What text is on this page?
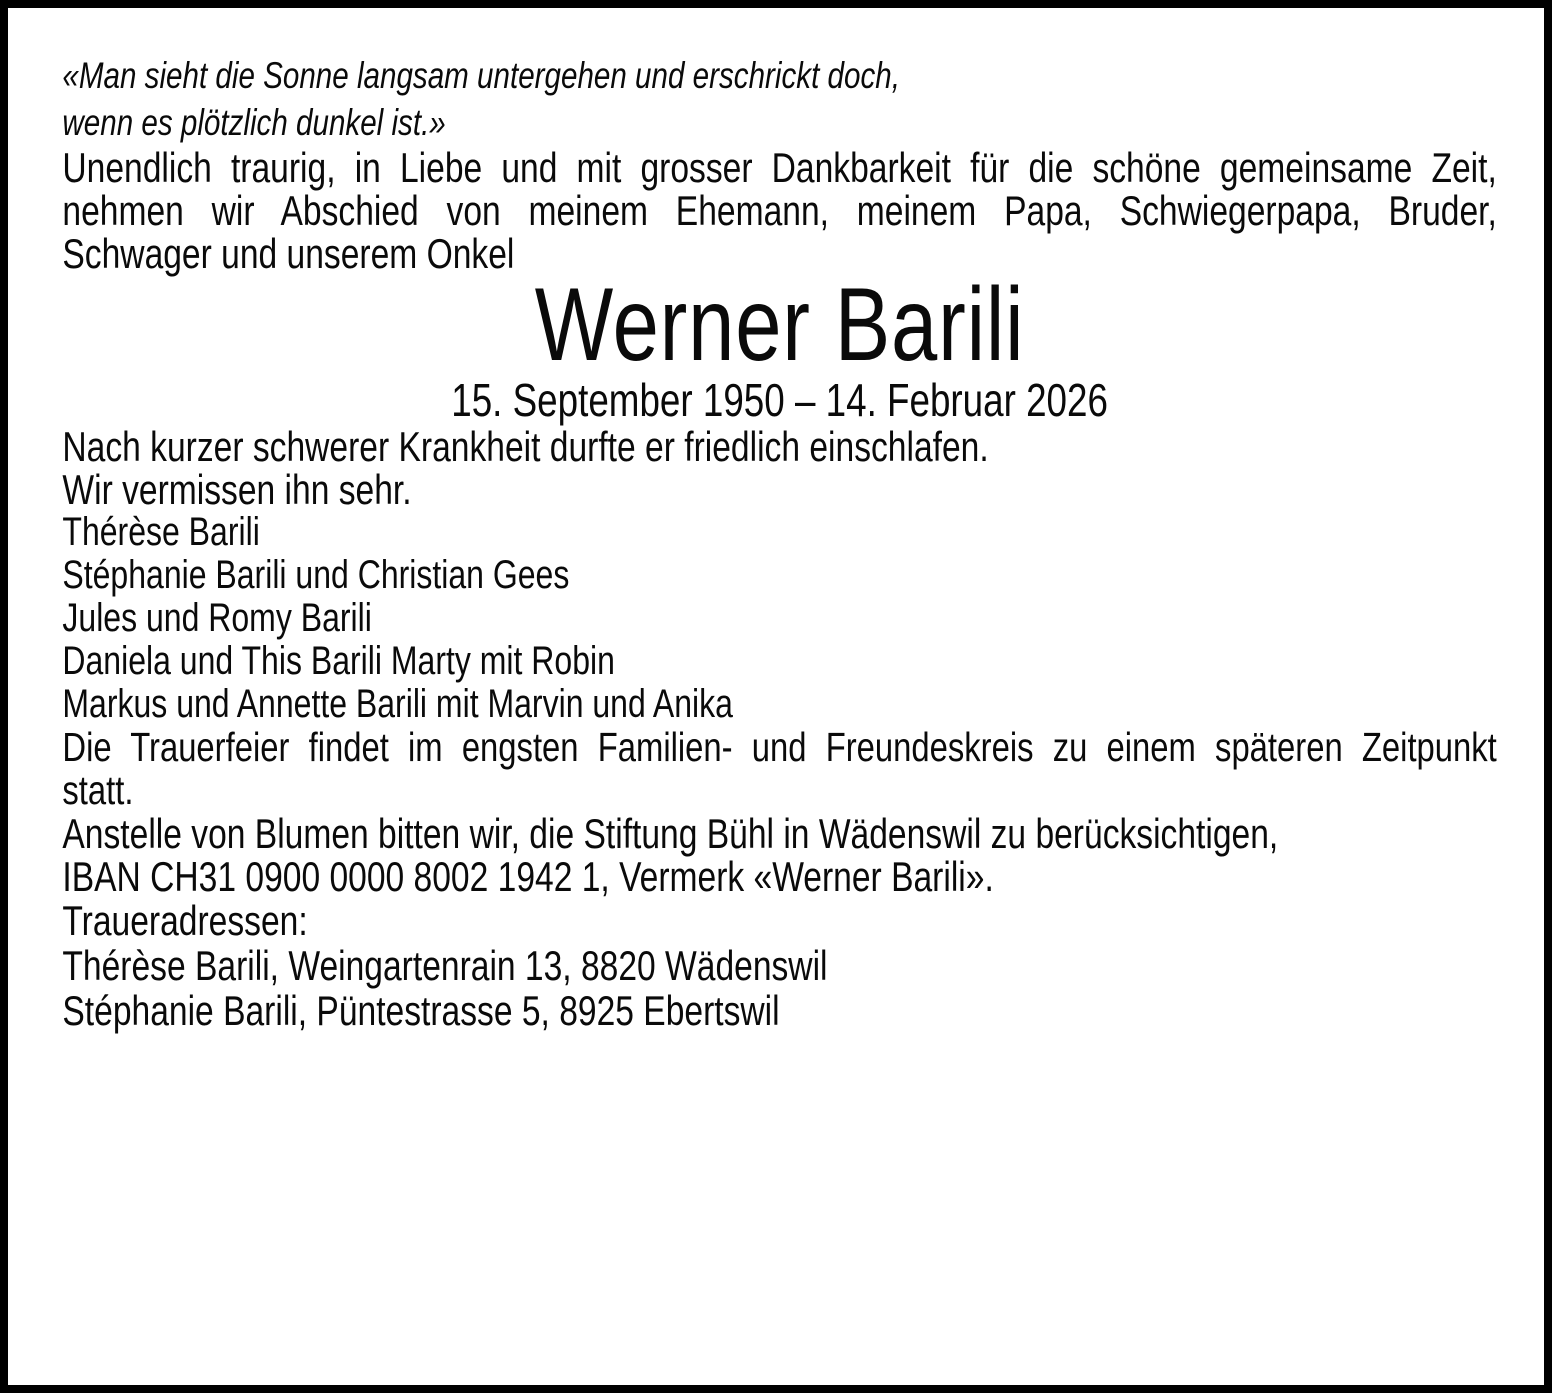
«Man sieht die Sonne langsam untergehen und erschrickt doch,
wenn es plötzlich dunkel ist.»

Unendlich traurig, in Liebe und mit grosser Dankbarkeit für die schöne gemeinsame Zeit,
nehmen wir Abschied von meinem Ehemann, meinem Papa, Schwiegerpapa, Bruder,
Schwager und unserem Onkel

Werner Barili
15. September 1950 – 14. Februar 2026

Nach kurzer schwerer Krankheit durfte er friedlich einschlafen.

Wir vermissen ihn sehr.

Thérèse Barili
Stéphanie Barili und Christian Gees
Jules und Romy Barili
Daniela und This Barili Marty mit Robin
Markus und Annette Barili mit Marvin und Anika

Die Trauerfeier findet im engsten Familien- und Freundeskreis zu einem späteren Zeitpunkt
statt.

Anstelle von Blumen bitten wir, die Stiftung Bühl in Wädenswil zu berücksichtigen,
IBAN CH31 0900 0000 8002 1942 1, Vermerk «Werner Barili».

Traueradressen:
Thérèse Barili, Weingartenrain 13, 8820 Wädenswil
Stéphanie Barili, Püntestrasse 5, 8925 Ebertswil
